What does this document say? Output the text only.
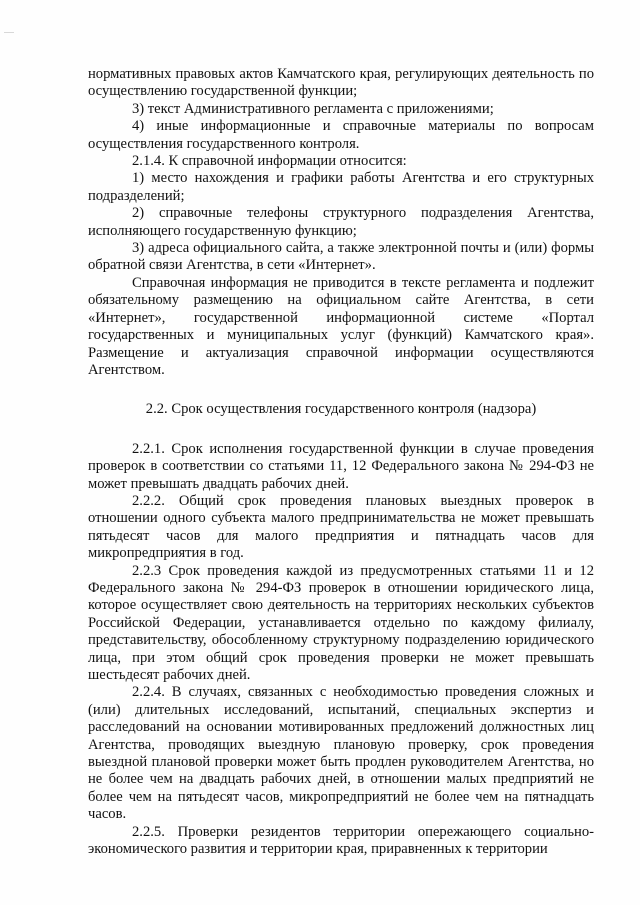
нормативных правовых актов Камчатского края, регулирующих деятельность по осуществлению государственной функции;

3) текст Административного регламента с приложениями;

4) иные информационные и справочные материалы по вопросам осуществления государственного контроля.

2.1.4. К справочной информации относится:

1) место нахождения и графики работы Агентства и его структурных подразделений;

2) справочные телефоны структурного подразделения Агентства, исполняющего государственную функцию;

3) адреса официального сайта, а также электронной почты и (или) формы обратной связи Агентства, в сети «Интернет».

Справочная информация не приводится в тексте регламента и подлежит обязательному размещению на официальном сайте Агентства, в сети «Интернет», государственной информационной системе «Портал государственных и муниципальных услуг (функций) Камчатского края». Размещение и актуализация справочной информации осуществляются Агентством.

2.2. Срок осуществления государственного контроля (надзора)

2.2.1. Срок исполнения государственной функции в случае проведения проверок в соответствии со статьями 11, 12 Федерального закона № 294-ФЗ не может превышать двадцать рабочих дней.

2.2.2. Общий срок проведения плановых выездных проверок в отношении одного субъекта малого предпринимательства не может превышать пятьдесят часов для малого предприятия и пятнадцать часов для микропредприятия в год.

2.2.3 Срок проведения каждой из предусмотренных статьями 11 и 12 Федерального закона № 294-ФЗ проверок в отношении юридического лица, которое осуществляет свою деятельность на территориях нескольких субъектов Российской Федерации, устанавливается отдельно по каждому филиалу, представительству, обособленному структурному подразделению юридического лица, при этом общий срок проведения проверки не может превышать шестьдесят рабочих дней.

2.2.4. В случаях, связанных с необходимостью проведения сложных и (или) длительных исследований, испытаний, специальных экспертиз и расследований на основании мотивированных предложений должностных лиц Агентства, проводящих выездную плановую проверку, срок проведения выездной плановой проверки может быть продлен руководителем Агентства, но не более чем на двадцать рабочих дней, в отношении малых предприятий не более чем на пятьдесят часов, микропредприятий не более чем на пятнадцать часов.

2.2.5. Проверки резидентов территории опережающего социально-экономического развития и территории края, приравненных к территории
